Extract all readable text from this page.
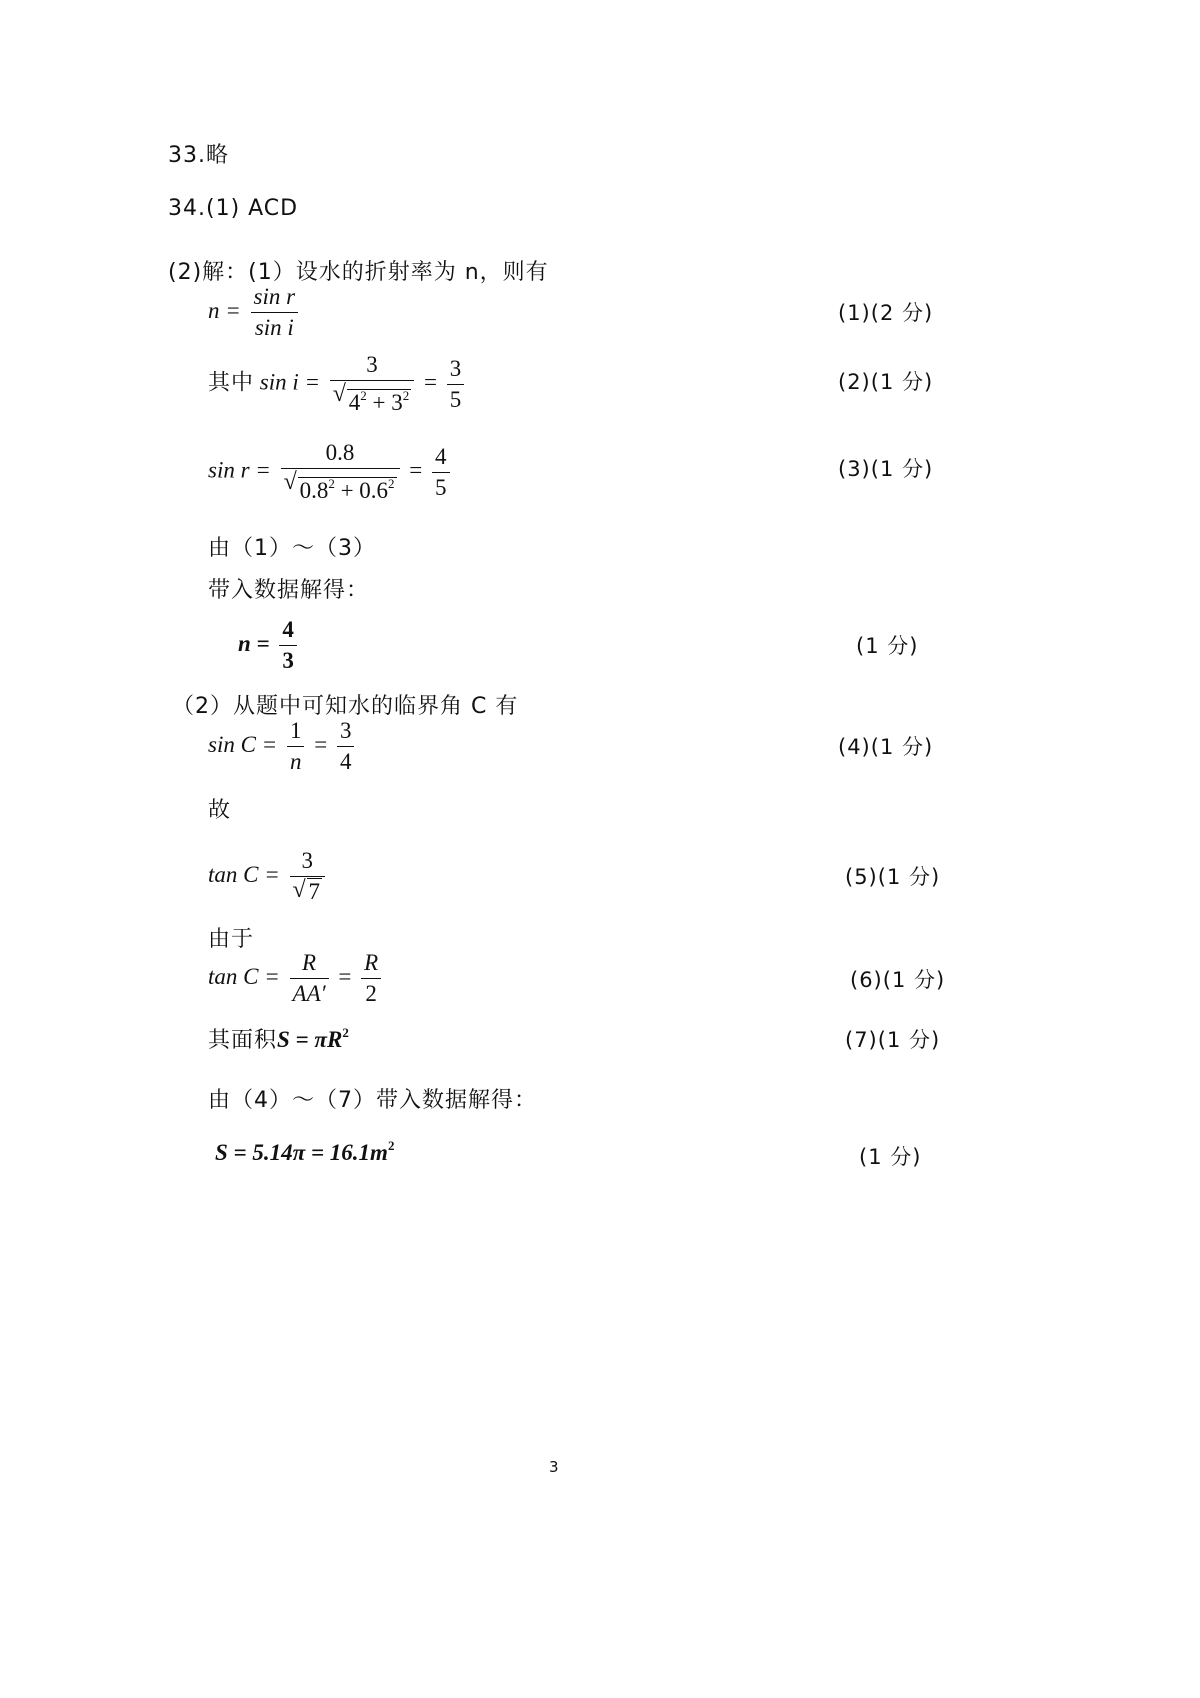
33.略
34.(1) ACD
(2)解：(1）设水的折射率为 n，则有
$n = \frac{\text{sin r}}{\text{sin i}}$	(1)(2 分)
其中 $\sin i = \frac{3}{√ 4^2 + 3^2} = \frac{3}{5}$	(2)(1 分)
$\sin r = \frac{0.8}{√ 0.8^2 + 0.6^2} = \frac{4}{5}$	(3)(1 分)
由（1）～（3）
带入数据解得：
$n = \frac{4}{3}$	(1 分)
（2）从题中可知水的临界角 C 有
$\sin C = \frac{1}{n} = \frac{3}{4}$	(4)(1 分)
故
$\tan C = \frac{3}{√ 7}$	(5)(1 分)
由于
$\tan C = \frac{R}{AA'} = \frac{R}{2}$	(6)(1 分)
其面积$S = \pi R^2$	(7)(1 分)
由（4）～（7）带入数据解得：
$S = 5.14\pi = 16.1m^2$	(1 分)
3
